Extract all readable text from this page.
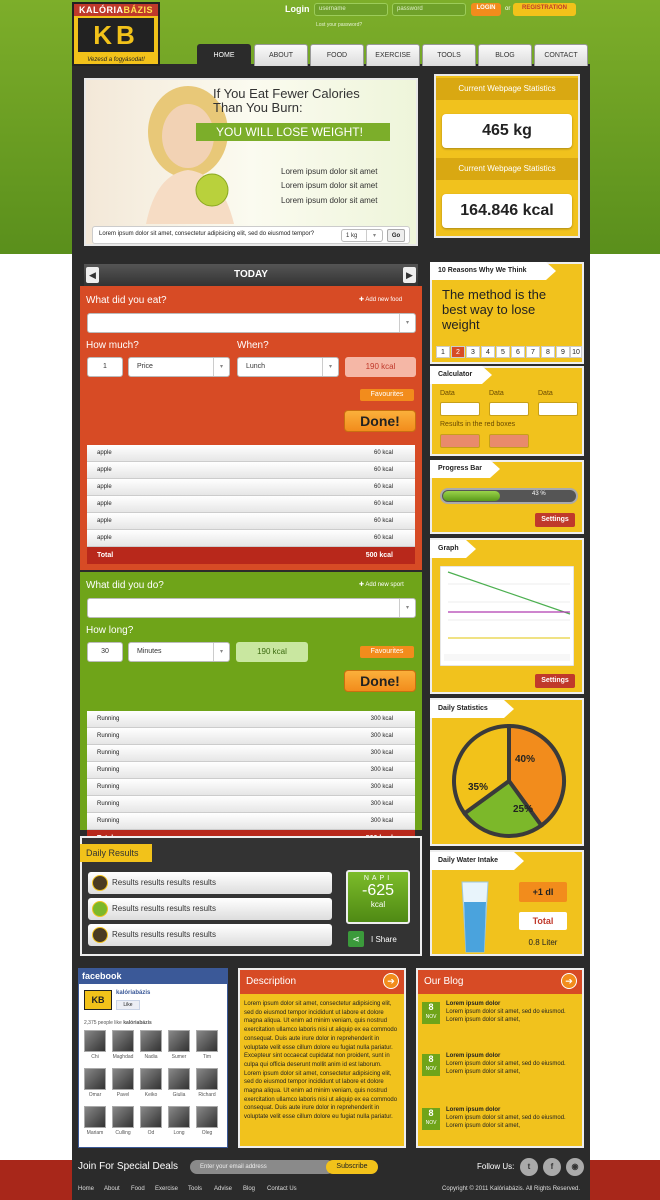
KALÓRIABÁZIS
KB
Vezesd a fogyásodat!
Login	username	password	LOGIN	or	REGISTRATION
Lost your password?
HOME	ABOUT	FOOD	EXERCISE	TOOLS	BLOG	CONTACT
If You Eat Fewer Calories
Than You Burn:
YOU WILL LOSE WEIGHT!
Lorem ipsum dolor sit amet
Lorem ipsum dolor sit amet
Lorem ipsum dolor sit amet
Lorem ipsum dolor sit amet, consectetur adipisicing elit, sed do eiusmod tempor?	1 kg	▾	Go
Current Webpage Statistics
465 kg
Current Webpage Statistics
164.846 kcal
TODAY
◀	▶
What did you eat?	✚ Add new food
▾
How much?	When?
1	Price	▾	Lunch	▾	190 kcal
Favourites
Done!
apple	60 kcal
apple	60 kcal
apple	60 kcal
apple	60 kcal
apple	60 kcal
apple	60 kcal
Total	500 kcal
What did you do?	✚ Add new sport
▾
How long?
30	Minutes	▾	190 kcal	Favourites
Done!
Running	300 kcal
Running	300 kcal
Running	300 kcal
Running	300 kcal
Running	300 kcal
Running	300 kcal
Running	300 kcal
Daily Results
Results results results results
Results results results results
Results results results results
NAPI
-625
kcal
⋖	I Share
10 Reasons Why We Think
The method is the best way to lose weight
1	2	3	4	5	6	7	8	9	10
Calculator
Data	Data	Data
Results in the red boxes
Progress Bar
43 %
Settings
Graph
Settings
Daily Statistics
40%
25%
35%
Daily Water Intake
+1 dl
Total
0.8 Liter
facebook
KB
kalóriabázis
Like
2,375 people like kalóriabázis
Chi	Maghdad	Nadia	Sumer	Tim
Omar	Pavel	Keiko	Giulia	Richard
Mariam	Culling	Od	Long	Oleg
Description	➔
Lorem ipsum dolor sit amet, consectetur adipisicing elit, sed do eiusmod tempor incididunt ut labore et dolore magna aliqua. Ut enim ad minim veniam, quis nostrud exercitation ullamco laboris nisi ut aliquip ex ea commodo consequat. Duis aute irure dolor in reprehenderit in voluptate velit esse cillum dolore eu fugiat nulla pariatur. Excepteur sint occaecat cupidatat non proident, sunt in culpa qui officia deserunt mollit anim id est laborum. Lorem ipsum dolor sit amet, consectetur adipisicing elit, sed do eiusmod tempor incididunt ut labore et dolore magna aliqua. Ut enim ad minim veniam, quis nostrud exercitation ullamco laboris nisi ut aliquip ex ea commodo consequat. Duis aute irure dolor in reprehenderit in voluptate velit esse cillum dolore eu fugiat nulla pariatur.
Our Blog	➔
8
NOV
Lorem ipsum dolor
Lorem ipsum dolor sit amet, sed do eiusmod. Lorem ipsum dolor sit amet,
8
NOV
Lorem ipsum dolor
Lorem ipsum dolor sit amet, sed do eiusmod. Lorem ipsum dolor sit amet,
8
NOV
Lorem ipsum dolor
Lorem ipsum dolor sit amet, sed do eiusmod. Lorem ipsum dolor sit amet,
Join For Special Deals	Enter your email address	Subscribe	Follow Us:	t	f	◉
Home About Food Exercise Tools Advise Blog Contact Us	Copyright © 2011 Kalóriabázis. All Rights Reserved.
